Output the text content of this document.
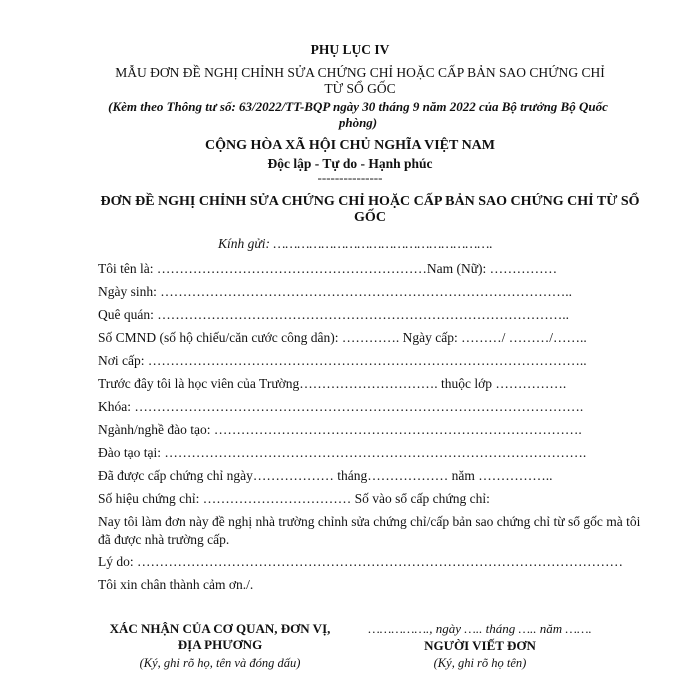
PHỤ LỤC IV
MẪU ĐƠN ĐỀ NGHỊ CHỈNH SỬA CHỨNG CHỈ HOẶC CẤP BẢN SAO CHỨNG CHỈ TỪ SỔ GỐC
(Kèm theo Thông tư số: 63/2022/TT-BQP ngày 30 tháng 9 năm 2022 của Bộ trưởng Bộ Quốc phòng)
CỘNG HÒA XÃ HỘI CHỦ NGHĨA VIỆT NAM
Độc lập - Tự do - Hạnh phúc
---------------
ĐƠN ĐỀ NGHỊ CHỈNH SỬA CHỨNG CHỈ HOẶC CẤP BẢN SAO CHỨNG CHỈ TỪ SỔ GỐC
Kính gửi: ……………………………………………….
Tôi tên là: ……………………………………………………Nam (Nữ): ……………
Ngày sinh: ………………………………………………………………………………..
Quê quán: ………………………………………………………………………………..
Số CMND (số hộ chiếu/căn cước công dân): …………. Ngày cấp: ………/ ………/……..
Nơi cấp: ……………………………………………………………………………………..
Trước đây tôi là học viên của Trường…………………………. thuộc lớp …………….
Khóa: ……………………………………………………………………………………….
Ngành/nghề đào tạo: ……………………………………………………………………….
Đào tạo tại: ………………………………………………………………………………….
Đã được cấp chứng chỉ ngày……………… tháng……………… năm ……………..
Số hiệu chứng chỉ: …………………………… Số vào sổ cấp chứng chỉ:
Nay tôi làm đơn này đề nghị nhà trường chỉnh sửa chứng chỉ/cấp bản sao chứng chỉ từ sổ gốc mà tôi đã được nhà trường cấp.
Lý do: ………………………………………………………………………………………………
Tôi xin chân thành cảm ơn./.
XÁC NHẬN CỦA CƠ QUAN, ĐƠN VỊ, ĐỊA PHƯƠNG
(Ký, ghi rõ họ, tên và đóng dấu)
……………., ngày ….. tháng ….. năm …….
NGƯỜI VIẾT ĐƠN
(Ký, ghi rõ họ tên)
